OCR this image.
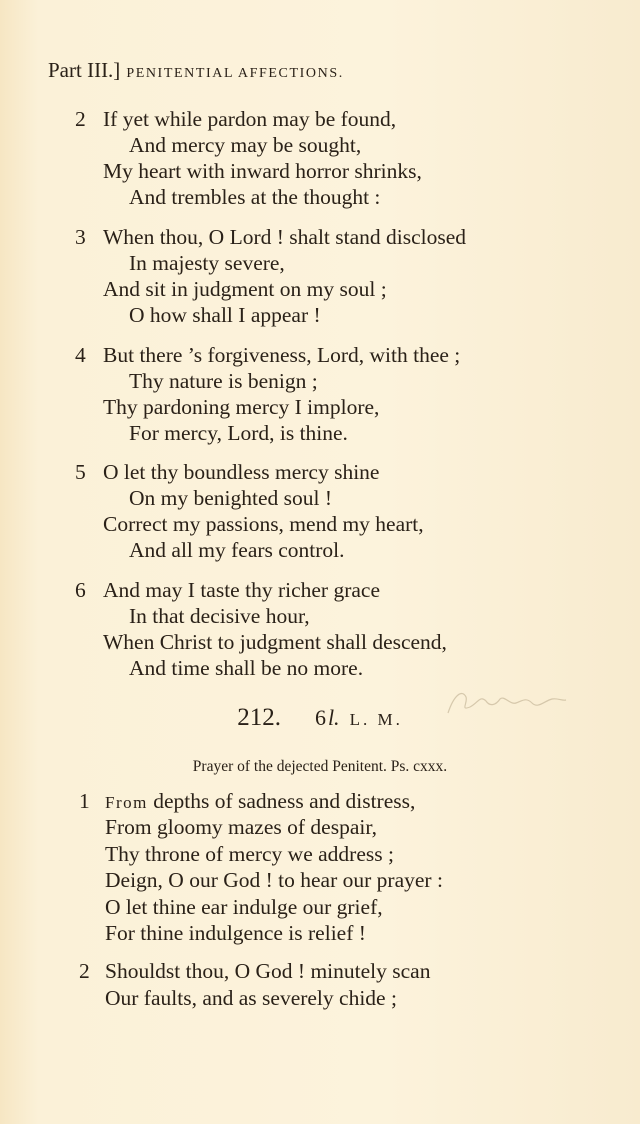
Part III.] PENITENTIAL AFFECTIONS.
2 If yet while pardon may be found,
And mercy may be sought,
My heart with inward horror shrinks,
And trembles at the thought :
3 When thou, O Lord ! shalt stand disclosed
In majesty severe,
And sit in judgment on my soul ;
O how shall I appear !
4 But there ’s forgiveness, Lord, with thee ;
Thy nature is benign ;
Thy pardoning mercy I implore,
For mercy, Lord, is thine.
5 O let thy boundless mercy shine
On my benighted soul !
Correct my passions, mend my heart,
And all my fears control.
6 And may I taste thy richer grace
In that decisive hour,
When Christ to judgment shall descend,
And time shall be no more.
212. 6l. L. M.
Prayer of the dejected Penitent. Ps. cxxx.
1 From depths of sadness and distress,
From gloomy mazes of despair,
Thy throne of mercy we address ;
Deign, O our God ! to hear our prayer :
O let thine ear indulge our grief,
For thine indulgence is relief !
2 Shouldst thou, O God ! minutely scan
Our faults, and as severely chide ;
